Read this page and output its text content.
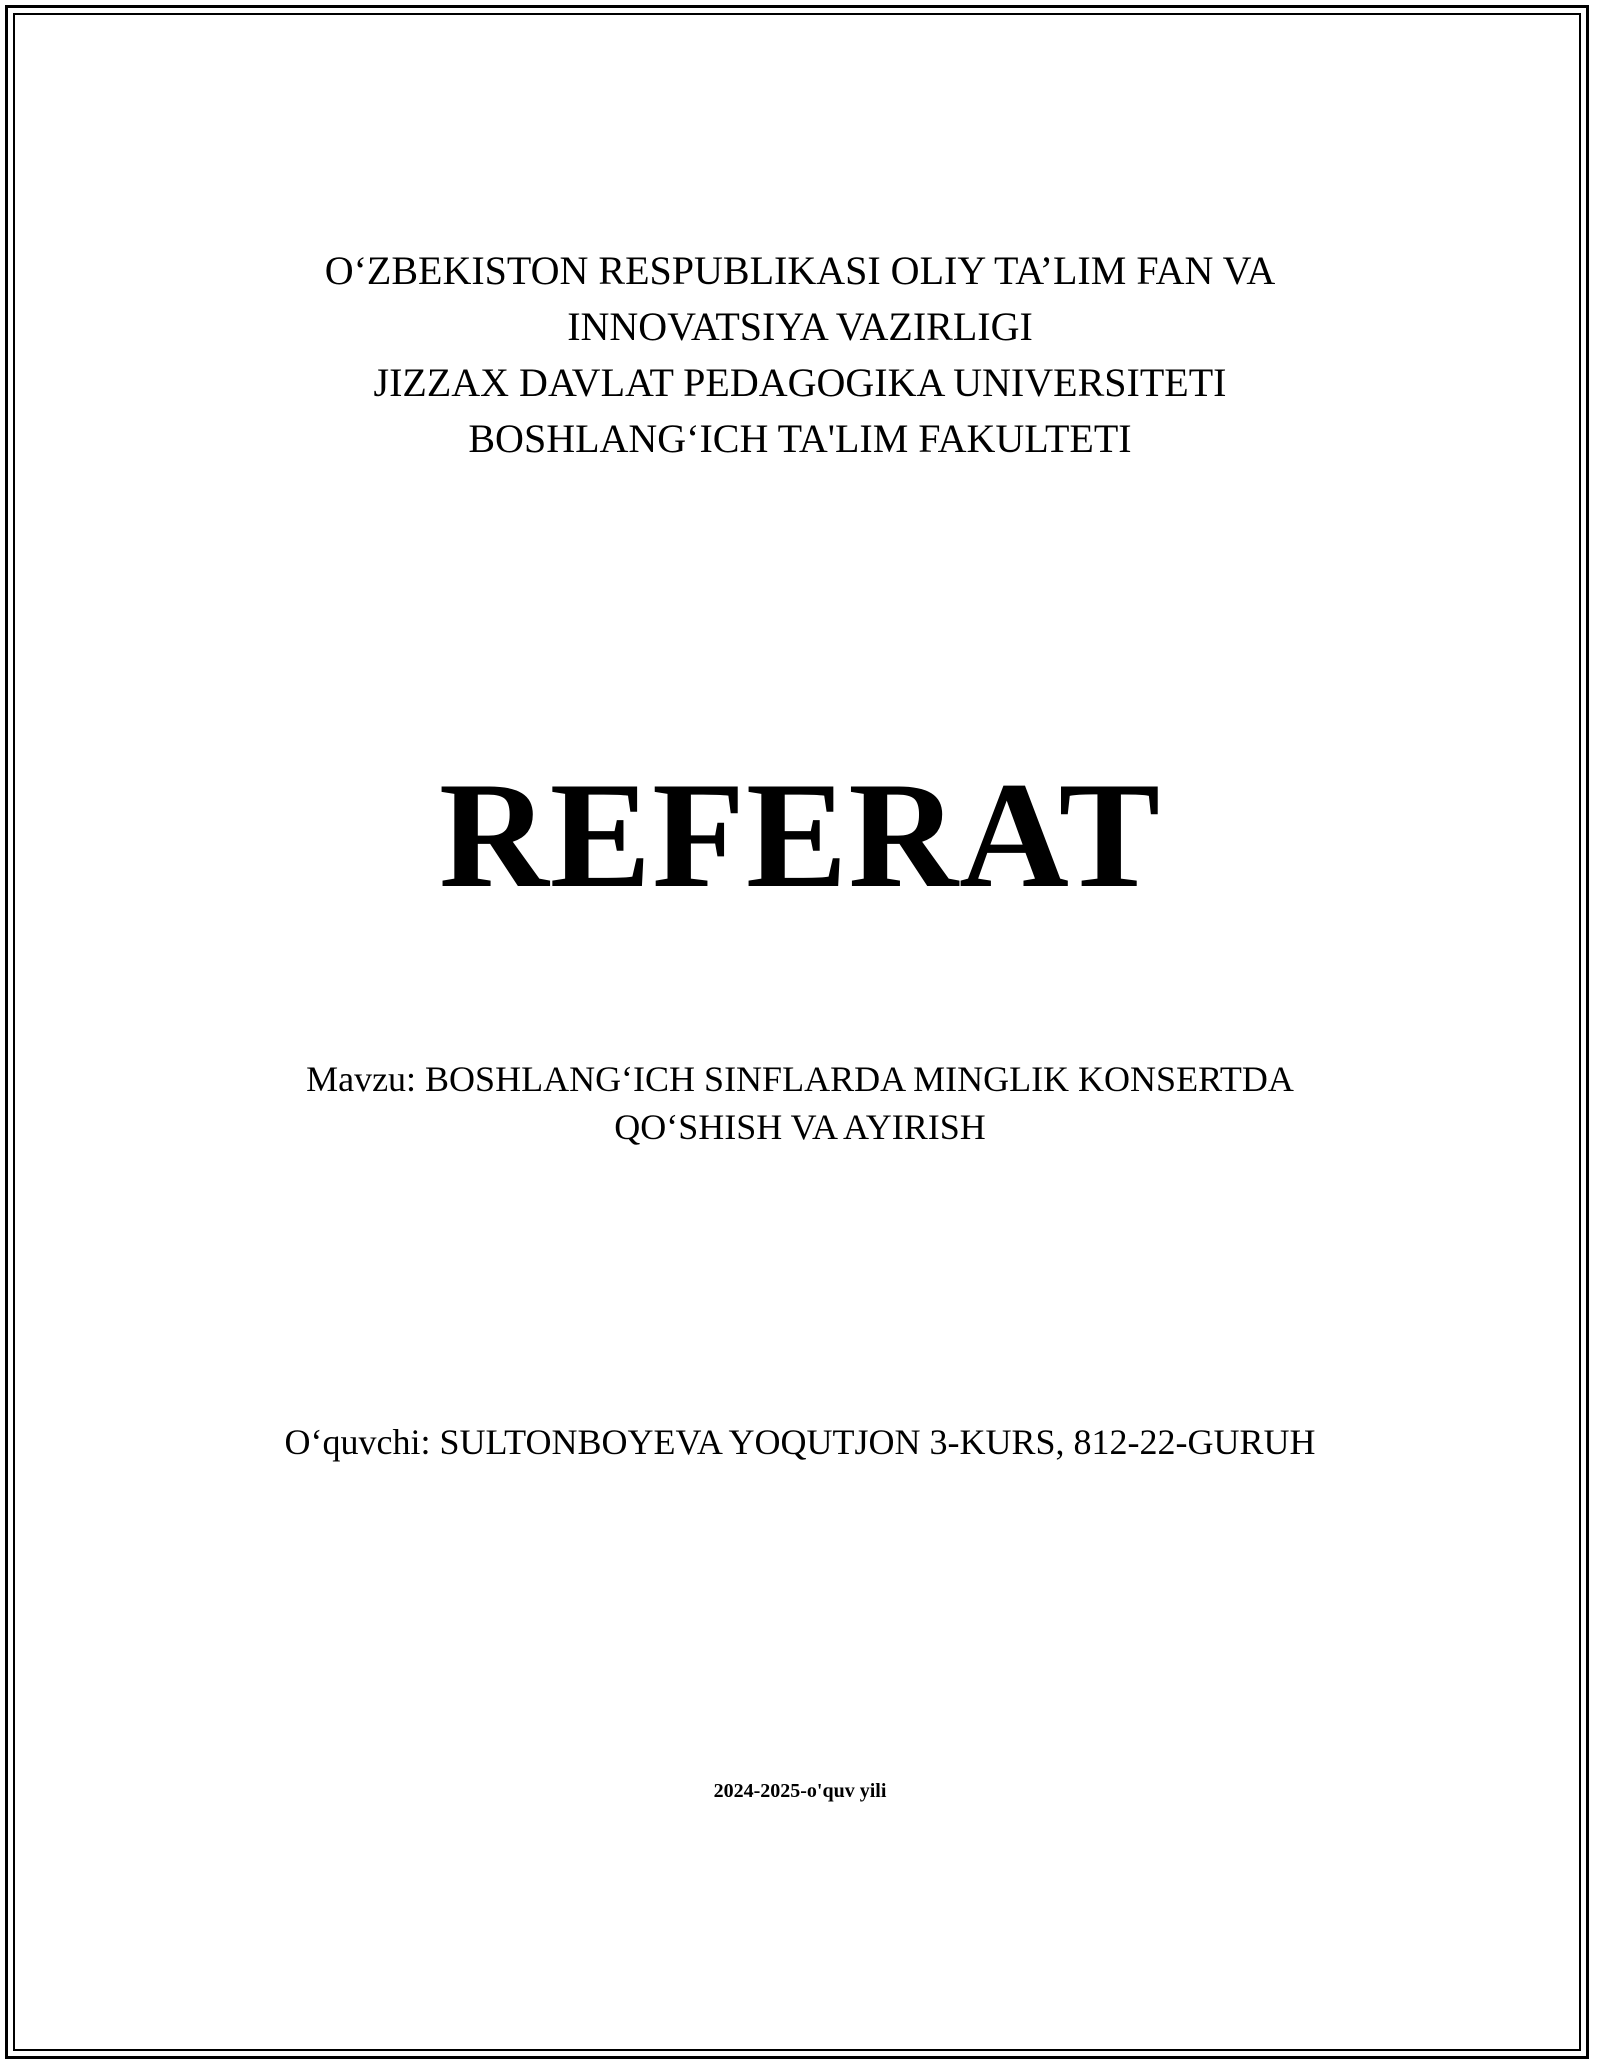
O‘ZBEKISTON RESPUBLIKASI OLIY TA’LIM FAN VA
INNOVATSIYA VAZIRLIGI
JIZZAX DAVLAT PEDAGOGIKA UNIVERSITETI
BOSHLANG‘ICH TA'LIM FAKULTETI
REFERAT
Mavzu: BOSHLANG‘ICH SINFLARDA MINGLIK KONSERTDA
QO‘SHISH VA AYIRISH
O‘quvchi: SULTONBOYEVA YOQUTJON 3-KURS, 812-22-GURUH
2024-2025-o'quv yili
